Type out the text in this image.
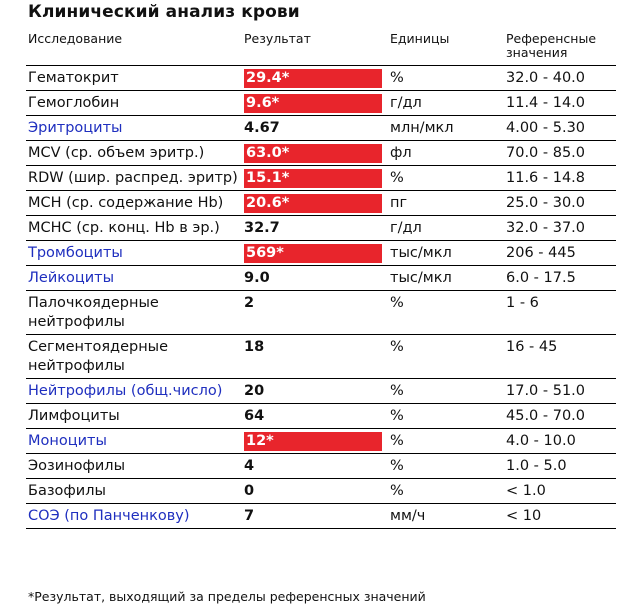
Клинический анализ крови
Исследование	Результат	Единицы	Референсные значения
Гематокрит	29.4*	%	32.0 - 40.0
Гемоглобин	9.6*	г/дл	11.4 - 14.0
Эритроциты	4.67	млн/мкл	4.00 - 5.30
MCV (ср. объем эритр.)	63.0*	фл	70.0 - 85.0
RDW (шир. распред. эритр)	15.1*	%	11.6 - 14.8
MCH (ср. содержание Hb)	20.6*	пг	25.0 - 30.0
MCHC (ср. конц. Hb в эр.)	32.7	г/дл	32.0 - 37.0
Тромбоциты	569*	тыс/мкл	206 - 445
Лейкоциты	9.0	тыс/мкл	6.0 - 17.5
Палочкоядерные нейтрофилы	2	%	1 - 6
Сегментоядерные нейтрофилы	18	%	16 - 45
Нейтрофилы (общ.число)	20	%	17.0 - 51.0
Лимфоциты	64	%	45.0 - 70.0
Моноциты	12*	%	4.0 - 10.0
Эозинофилы	4	%	1.0 - 5.0
Базофилы	0	%	< 1.0
СОЭ (по Панченкову)	7	мм/ч	< 10
*Результат, выходящий за пределы референсных значений
